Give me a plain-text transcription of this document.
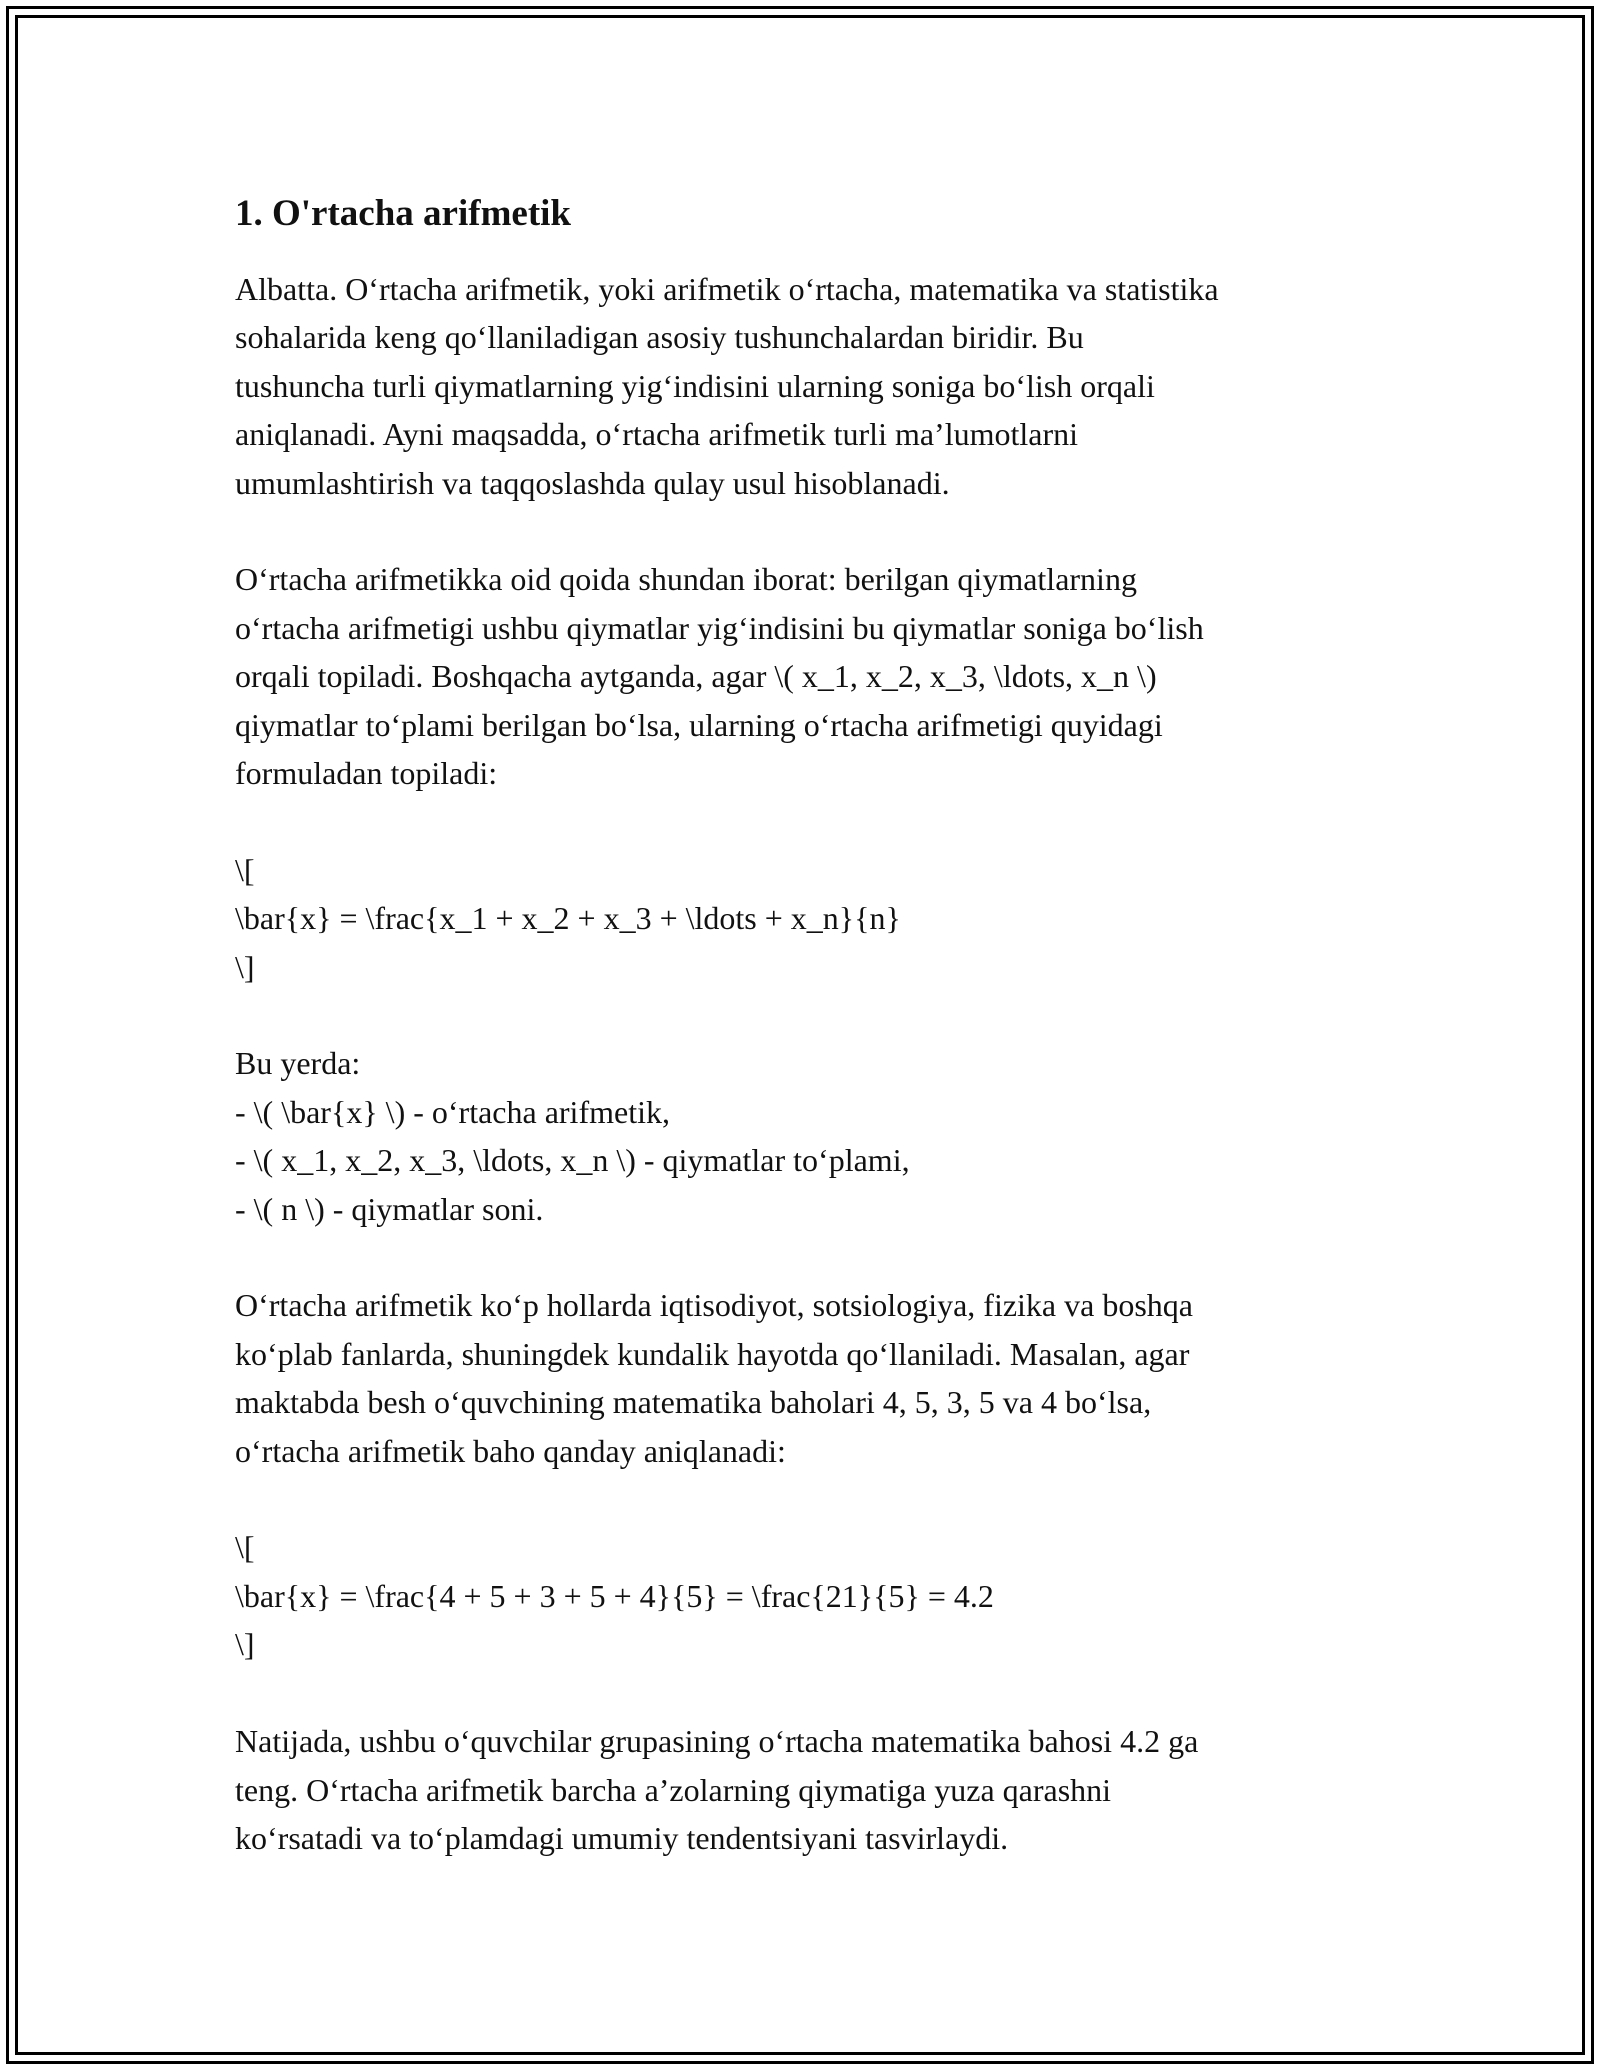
1. O'rtacha arifmetik

Albatta. Oʻrtacha arifmetik, yoki arifmetik oʻrtacha, matematika va statistika
sohalarida keng qoʻllaniladigan asosiy tushunchalardan biridir. Bu
tushuncha turli qiymatlarning yigʻindisini ularning soniga boʻlish orqali
aniqlanadi. Ayni maqsadda, oʻrtacha arifmetik turli maʼlumotlarni
umumlashtirish va taqqoslashda qulay usul hisoblanadi.

Oʻrtacha arifmetikka oid qoida shundan iborat: berilgan qiymatlarning
oʻrtacha arifmetigi ushbu qiymatlar yigʻindisini bu qiymatlar soniga boʻlish
orqali topiladi. Boshqacha aytganda, agar \( x_1, x_2, x_3, \ldots, x_n \)
qiymatlar toʻplami berilgan boʻlsa, ularning oʻrtacha arifmetigi quyidagi
formuladan topiladi:

\[
\bar{x} = \frac{x_1 + x_2 + x_3 + \ldots + x_n}{n}
\]

Bu yerda:
- \( \bar{x} \) - oʻrtacha arifmetik,
- \( x_1, x_2, x_3, \ldots, x_n \) - qiymatlar toʻplami,
- \( n \) - qiymatlar soni.

Oʻrtacha arifmetik koʻp hollarda iqtisodiyot, sotsiologiya, fizika va boshqa
koʻplab fanlarda, shuningdek kundalik hayotda qoʻllaniladi. Masalan, agar
maktabda besh oʻquvchining matematika baholari 4, 5, 3, 5 va 4 boʻlsa,
oʻrtacha arifmetik baho qanday aniqlanadi:

\[
\bar{x} = \frac{4 + 5 + 3 + 5 + 4}{5} = \frac{21}{5} = 4.2
\]

Natijada, ushbu oʻquvchilar grupasining oʻrtacha matematika bahosi 4.2 ga
teng. Oʻrtacha arifmetik barcha aʼzolarning qiymatiga yuza qarashni
koʻrsatadi va toʻplamdagi umumiy tendentsiyani tasvirlaydi.
